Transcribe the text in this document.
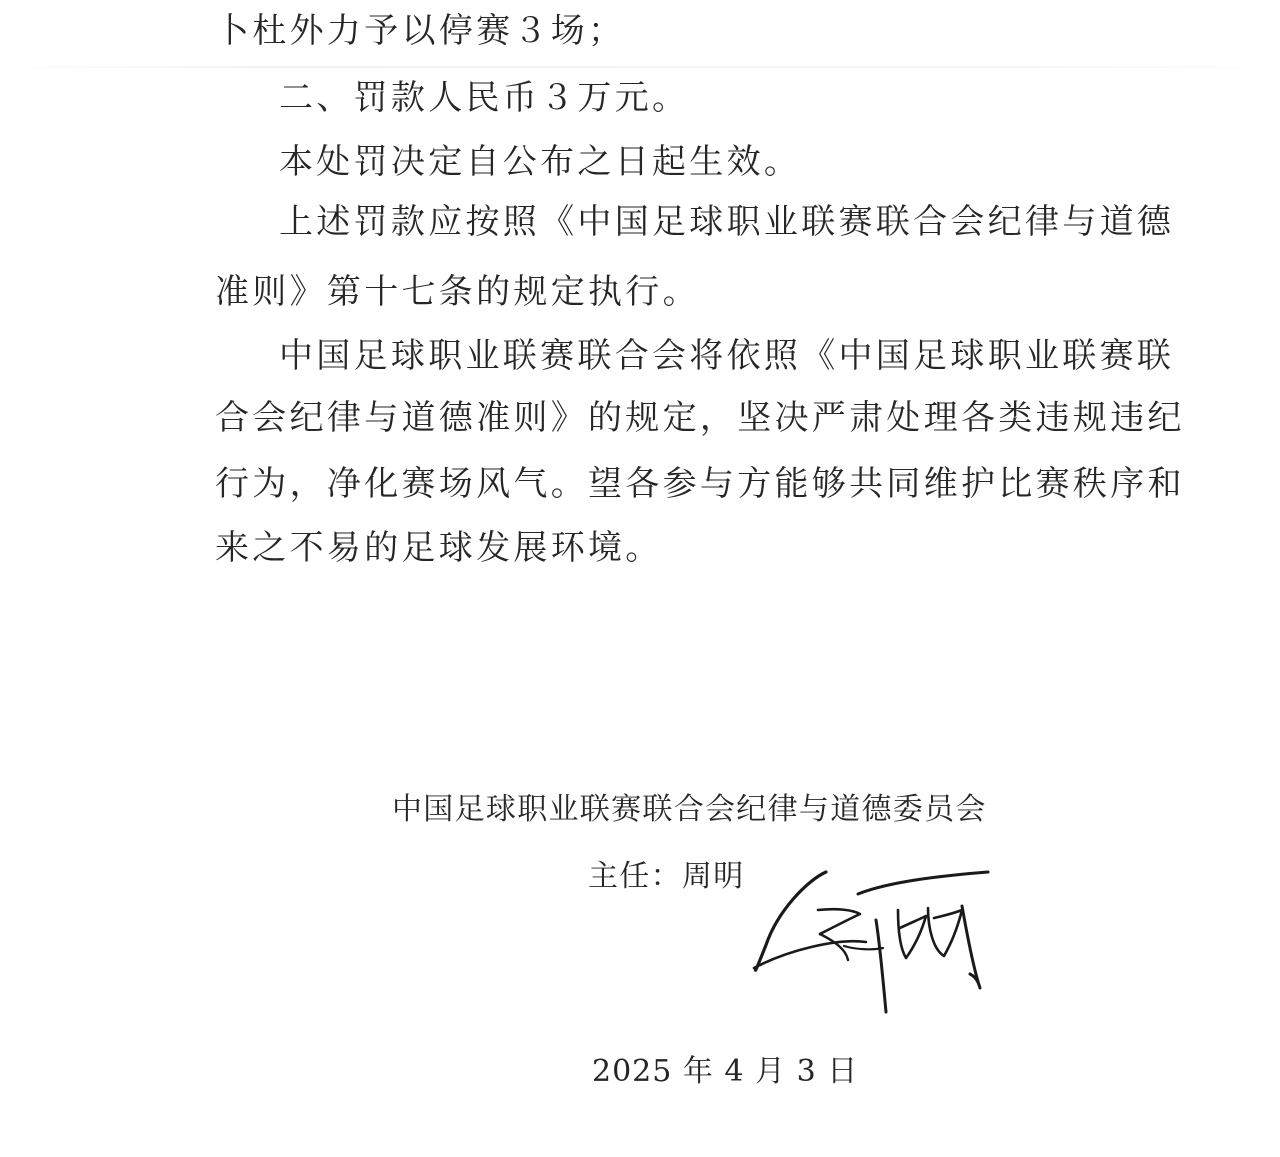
卜杜外力予以停赛３场；
二、罚款人民币３万元。
本处罚决定自公布之日起生效。
上述罚款应按照《中国足球职业联赛联合会纪律与道德
准则》第十七条的规定执行。
中国足球职业联赛联合会将依照《中国足球职业联赛联
合会纪律与道德准则》的规定，坚决严肃处理各类违规违纪
行为，净化赛场风气。望各参与方能够共同维护比赛秩序和
来之不易的足球发展环境。
中国足球职业联赛联合会纪律与道德委员会
主任：周明
2025 年 4 月 3 日
